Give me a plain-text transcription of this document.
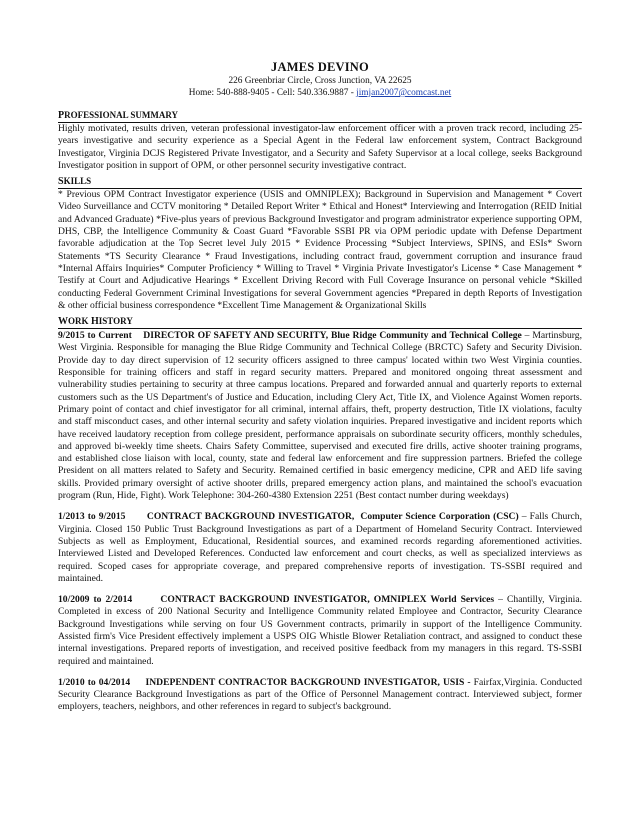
JAMES DEVINO
226 Greenbriar Circle, Cross Junction, VA 22625
Home: 540-888-9405 - Cell: 540.336.9887 - jimjan2007@comcast.net
PROFESSIONAL SUMMARY
Highly motivated, results driven, veteran professional investigator-law enforcement officer with a proven track record, including 25-years investigative and security experience as a Special Agent in the Federal law enforcement system, Contract Background Investigator, Virginia DCJS Registered Private Investigator, and a Security and Safety Supervisor at a local college, seeks Background Investigator position in support of OPM, or other personnel security investigative contract.
SKILLS
* Previous OPM Contract Investigator experience (USIS and OMNIPLEX); Background in Supervision and Management * Covert Video Surveillance and CCTV monitoring * Detailed Report Writer * Ethical and Honest* Interviewing and Interrogation (REID Initial and Advanced Graduate) *Five-plus years of previous Background Investigator and program administrator experience supporting OPM, DHS, CBP, the Intelligence Community & Coast Guard *Favorable SSBI PR via OPM periodic update with Defense Department favorable adjudication at the Top Secret level July 2015 * Evidence Processing *Subject Interviews, SPINS, and ESIs* Sworn Statements *TS Security Clearance * Fraud Investigations, including contract fraud, government corruption and insurance fraud *Internal Affairs Inquiries* Computer Proficiency * Willing to Travel * Virginia Private Investigator's License * Case Management * Testify at Court and Adjudicative Hearings * Excellent Driving Record with Full Coverage Insurance on personal vehicle *Skilled conducting Federal Government Criminal Investigations for several Government agencies *Prepared in depth Reports of Investigation & other official business correspondence *Excellent Time Management & Organizational Skills
WORK HISTORY
9/2015 to Current    DIRECTOR OF SAFETY AND SECURITY, Blue Ridge Community and Technical College – Martinsburg, West Virginia. Responsible for managing the Blue Ridge Community and Technical College (BRCTC) Safety and Security Division. Provide day to day direct supervision of 12 security officers assigned to three campus' located within two West Virginia counties. Responsible for training officers and staff in regard security matters. Prepared and monitored ongoing threat assessment and vulnerability studies pertaining to security at three campus locations. Prepared and forwarded annual and quarterly reports to external customers such as the US Department's of Justice and Education, including Clery Act, Title IX, and Violence Against Women reports. Primary point of contact and chief investigator for all criminal, internal affairs, theft, property destruction, Title IX violations, faculty and staff misconduct cases, and other internal security and safety violation inquiries. Prepared investigative and incident reports which have received laudatory reception from college president, performance appraisals on subordinate security officers, monthly schedules, and approved bi-weekly time sheets. Chairs Safety Committee, supervised and executed fire drills, active shooter training programs, and established close liaison with local, county, state and federal law enforcement and fire suppression partners. Briefed the college President on all matters related to Safety and Security. Remained certified in basic emergency medicine, CPR and AED life saving skills. Provided primary oversight of active shooter drills, prepared emergency action plans, and maintained the school's evacuation program (Run, Hide, Fight). Work Telephone: 304-260-4380 Extension 2251 (Best contact number during weekdays)
1/2013 to 9/2015       CONTRACT BACKGROUND INVESTIGATOR,  Computer Science Corporation (CSC) – Falls Church, Virginia. Closed 150 Public Trust Background Investigations as part of a Department of Homeland Security Contract. Interviewed Subjects as well as Employment, Educational, Residential sources, and examined records regarding aforementioned activities. Interviewed Listed and Developed References. Conducted law enforcement and court checks, as well as specialized interviews as required. Scoped cases for appropriate coverage, and prepared comprehensive reports of investigation. TS-SSBI required and maintained.
10/2009 to 2/2014       CONTRACT BACKGROUND INVESTIGATOR, OMNIPLEX World Services – Chantilly, Virginia. Completed in excess of 200 National Security and Intelligence Community related Employee and Contractor, Security Clearance Background Investigations while serving on four US Government contracts, primarily in support of the Intelligence Community. Assisted firm's Vice President effectively implement a USPS OIG Whistle Blower Retaliation contract, and assigned to conduct these internal investigations. Prepared reports of investigation, and received positive feedback from my managers in this regard. TS-SSBI required and maintained.
1/2010 to 04/2014     INDEPENDENT CONTRACTOR BACKGROUND INVESTIGATOR, USIS - Fairfax,Virginia. Conducted Security Clearance Background Investigations as part of the Office of Personnel Management contract. Interviewed subject, former employers, teachers, neighbors, and other references in regard to subject's background.
